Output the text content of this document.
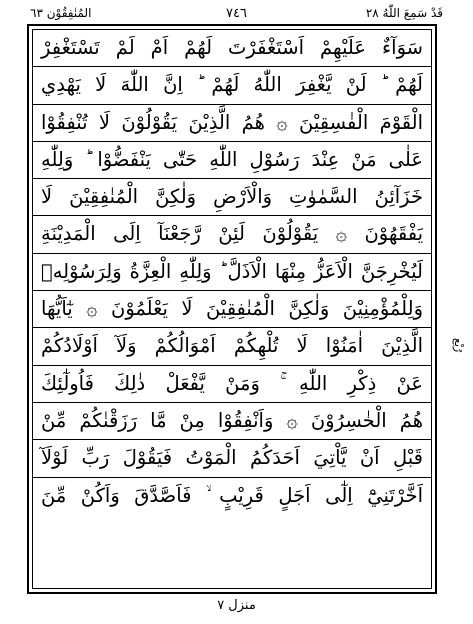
قَدْ سَمِعَ اللّٰهُ ٢٨
٧٤٦
المُنٰفِقُوْن ٦٣
سَوَآءٌ عَلَيْهِمْ اَسْتَغْفَرْتَ لَهُمْ اَمْ لَمْ تَسْتَغْفِرْ
لَهُمْ ؕ لَنْ يَّغْفِرَ اللّٰهُ لَهُمْ ؕ اِنَّ اللّٰهَ لَا يَهْدِي
الْقَوْمَ الْفٰسِقِيْنَ ۞ هُمُ الَّذِيْنَ يَقُوْلُوْنَ لَا تُنْفِقُوْا
عَلٰى مَنْ عِنْدَ رَسُوْلِ اللّٰهِ حَتّٰى يَنْفَضُّوْا ؕ وَلِلّٰهِ
خَزَآئِنُ السَّمٰوٰتِ وَالْاَرْضِ وَلٰكِنَّ الْمُنٰفِقِيْنَ لَا
يَفْقَهُوْنَ ۞ يَقُوْلُوْنَ لَئِنْ رَّجَعْنَآ اِلَى الْمَدِيْنَةِ
لَيُخْرِجَنَّ الْاَعَزُّ مِنْهَا الْاَذَلَّ ؕ وَلِلّٰهِ الْعِزَّةُ وَلِرَسُوْلِهٖ
وَلِلْمُؤْمِنِيْنَ وَلٰكِنَّ الْمُنٰفِقِيْنَ لَا يَعْلَمُوْنَ ۞ يٰٓاَيُّهَا
الَّذِيْنَ اٰمَنُوْا لَا تُلْهِكُمْ اَمْوَالُكُمْ وَلَآ اَوْلَادُكُمْ
عَنْ ذِكْرِ اللّٰهِ ۚ وَمَنْ يَّفْعَلْ ذٰلِكَ فَاُولٰٓئِكَ
هُمُ الْخٰسِرُوْنَ ۞ وَاَنْفِقُوْا مِنْ مَّا رَزَقْنٰكُمْ مِّنْ
قَبْلِ اَنْ يَّاْتِيَ اَحَدَكُمُ الْمَوْتُ فَيَقُوْلَ رَبِّ لَوْلَآ
اَخَّرْتَنِيْٓ اِلٰٓى اَجَلٍ قَرِيْبٍ ۙ فَاَصَّدَّقَ وَاَكُنْ مِّنَ
رُبْع
منزل ٧
